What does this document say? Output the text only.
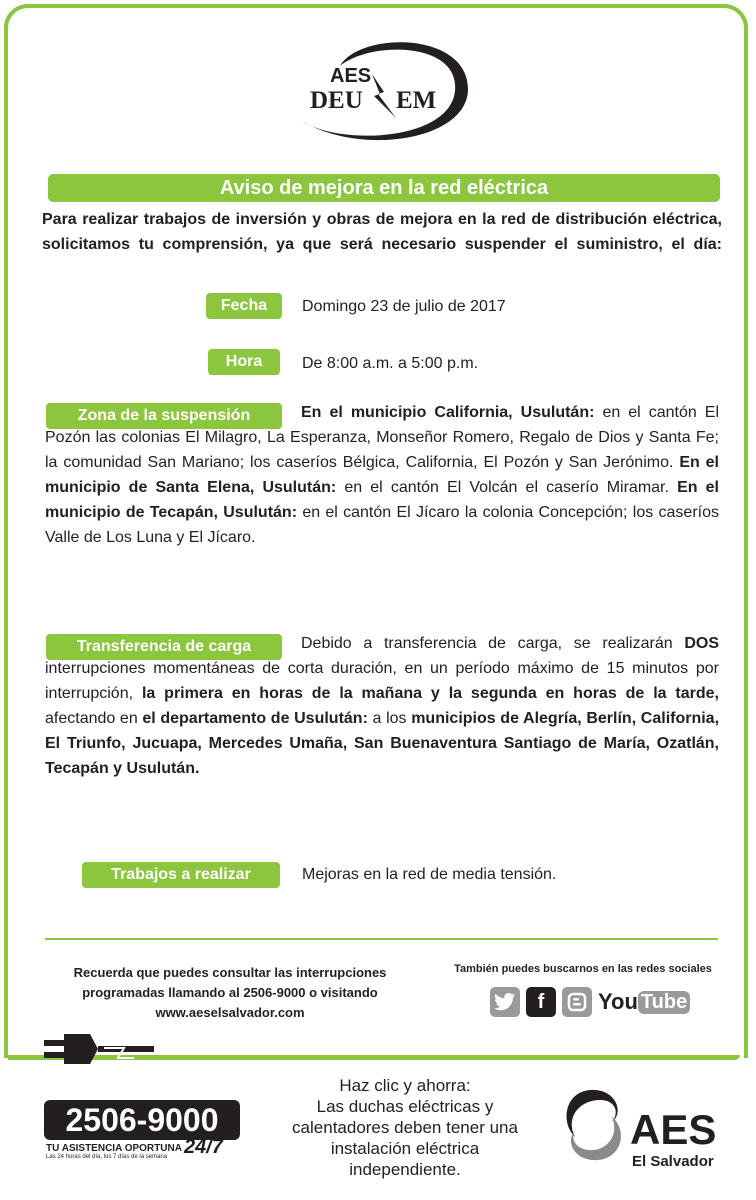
AES
DEU EM
Aviso de mejora en la red eléctrica
Para realizar trabajos de inversión y obras de mejora en la red de distribución eléctrica, solicitamos tu comprensión, ya que será necesario suspender el suministro, el día:
Fecha	Domingo 23 de julio de 2017
Hora	De 8:00 a.m. a 5:00 p.m.
Zona de la suspensión	En el municipio California, Usulután: en el cantón El Pozón las colonias El Milagro, La Esperanza, Monseñor Romero, Regalo de Dios y Santa Fe; la comunidad San Mariano; los caseríos Bélgica, California, El Pozón y San Jerónimo. En el municipio de Santa Elena, Usulután: en el cantón El Volcán el caserío Miramar. En el municipio de Tecapán, Usulután: en el cantón El Jícaro la colonia Concepción; los caseríos Valle de Los Luna y El Jícaro.
Transferencia de carga	Debido a transferencia de carga, se realizarán DOS interrupciones momentáneas de corta duración, en un período máximo de 15 minutos por interrupción, la primera en horas de la mañana y la segunda en horas de la tarde, afectando en el departamento de Usulután: a los municipios de Alegría, Berlín, California, El Triunfo, Jucuapa, Mercedes Umaña, San Buenaventura Santiago de María, Ozatlán, Tecapán y Usulután.
Trabajos a realizar	Mejoras en la red de media tensión.
Recuerda que puedes consultar las interrupciones
programadas llamando al 2506-9000 o visitando
www.aeselsalvador.com
También puedes buscarnos en las redes sociales
f	You Tube
2506-9000
TU ASISTENCIA OPORTUNA 24/7
Las 24 horas del día, los 7 días de la semana
Haz clic y ahorra:
Las duchas eléctricas y
calentadores deben tener una
instalación eléctrica
independiente.
AES
El Salvador
